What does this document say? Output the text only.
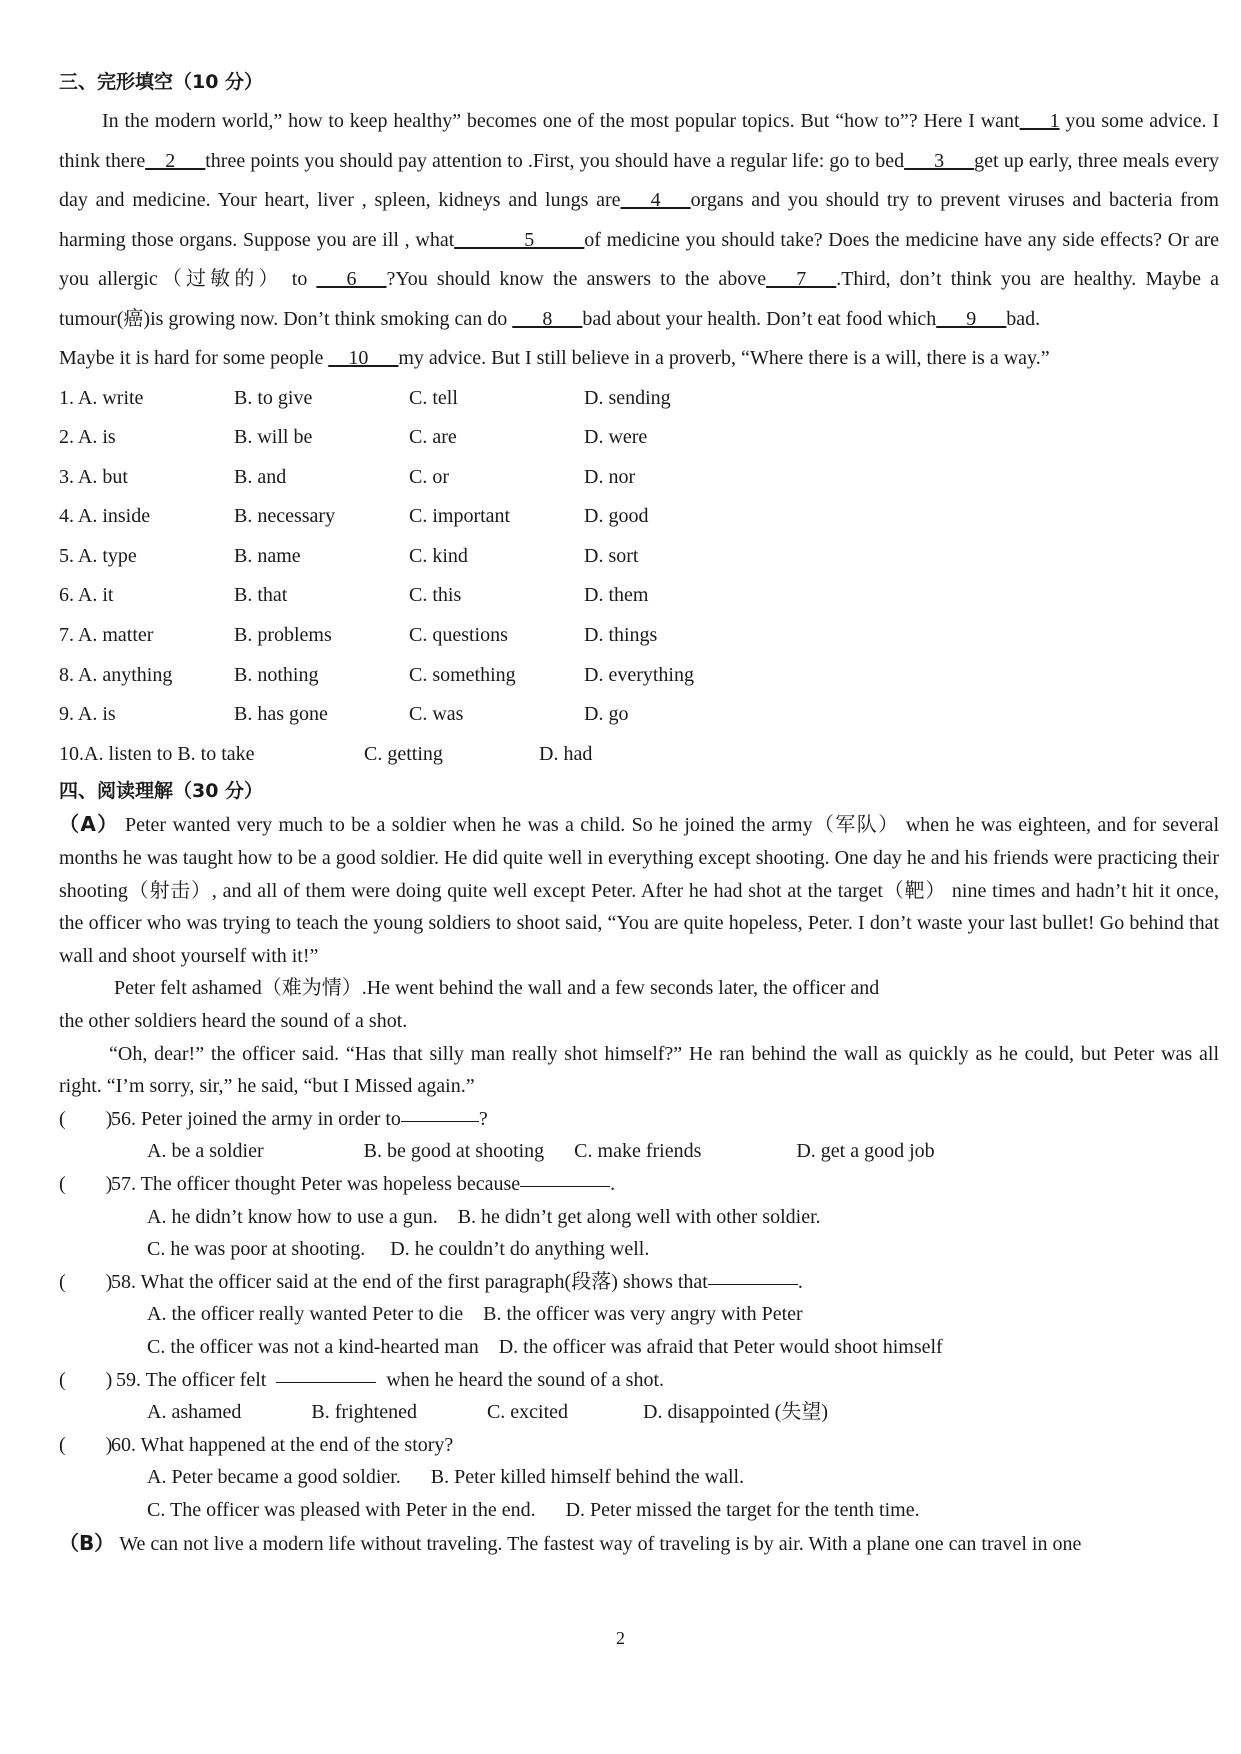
三、完形填空（10 分）

In the modern world,” how to keep healthy” becomes one of the most popular topics. But “how to”? Here I want___1 you some advice. I think there__2___three points you should pay attention to .First, you should have a regular life: go to bed___3___get up early, three meals every day and medicine. Your heart, liver , spleen, kidneys and lungs are___4___organs and you should try to prevent viruses and bacteria from harming those organs. Suppose you are ill , what_______5_____of medicine you should take? Does the medicine have any side effects? Or are you allergic（过敏的） to ___6___?You should know the answers to the above___7___.Third, don’t think you are healthy. Maybe a tumour(癌)is growing now. Don’t think smoking can do ___8___bad about your health. Don’t eat food which___9___bad.

Maybe it is hard for some people __10___my advice. But I still believe in a proverb, “Where there is a will, there is a way.”

1. A. write	B. to give	C. tell	D. sending
2. A. is	B. will be	C. are	D. were
3. A. but	B. and	C. or	D. nor
4. A. inside	B. necessary	C. important	D. good
5. A. type	B. name	C. kind	D. sort
6. A. it	B. that	C. this	D. them
7. A. matter	B. problems	C. questions	D. things
8. A. anything	B. nothing	C. something	D. everything
9. A. is	B. has gone	C. was	D. go
10.A. listen to B. to take	C. getting	D. had
四、阅读理解（30 分）

（A） Peter wanted very much to be a soldier when he was a child. So he joined the army（军队） when he was eighteen, and for several months he was taught how to be a good soldier. He did quite well in everything except shooting. One day he and his friends were practicing their shooting（射击）, and all of them were doing quite well except Peter. After he had shot at the target（靶） nine times and hadn’t hit it once, the officer who was trying to teach the young soldiers to shoot said, “You are quite hopeless, Peter. I don’t waste your last bullet! Go behind that wall and shoot yourself with it!”

Peter felt ashamed（难为情）.He went behind the wall and a few seconds later, the officer and

the other soldiers heard the sound of a shot.

“Oh, dear!” the officer said. “Has that silly man really shot himself?” He ran behind the wall as quickly as he could, but Peter was all right. “I’m sorry, sir,” he said, “but I Missed again.”

(        )
56. Peter joined the army in order to	?
A. be a soldier                    B. be good at shooting      C. make friends                   D. get a good job
(        )
57. The officer thought Peter was hopeless because	.
A. he didn’t know how to use a gun.    B. he didn’t get along well with other soldier.
C. he was poor at shooting.     D. he couldn’t do anything well.
(        )
58. What the officer said at the end of the first paragraph(段落) shows that	.
A. the officer really wanted Peter to die    B. the officer was very angry with Peter
C. the officer was not a kind-hearted man    D. the officer was afraid that Peter would shoot himself
(        )
59. The officer felt	when he heard the sound of a shot.
A. ashamed              B. frightened              C. excited               D. disappointed (失望)
(        )
60. What happened at the end of the story?
A. Peter became a good soldier.      B. Peter killed himself behind the wall.
C. The officer was pleased with Peter in the end.      D. Peter missed the target for the tenth time.

（B） We can not live a modern life without traveling. The fastest way of traveling is by air. With a plane one can travel in one

2
